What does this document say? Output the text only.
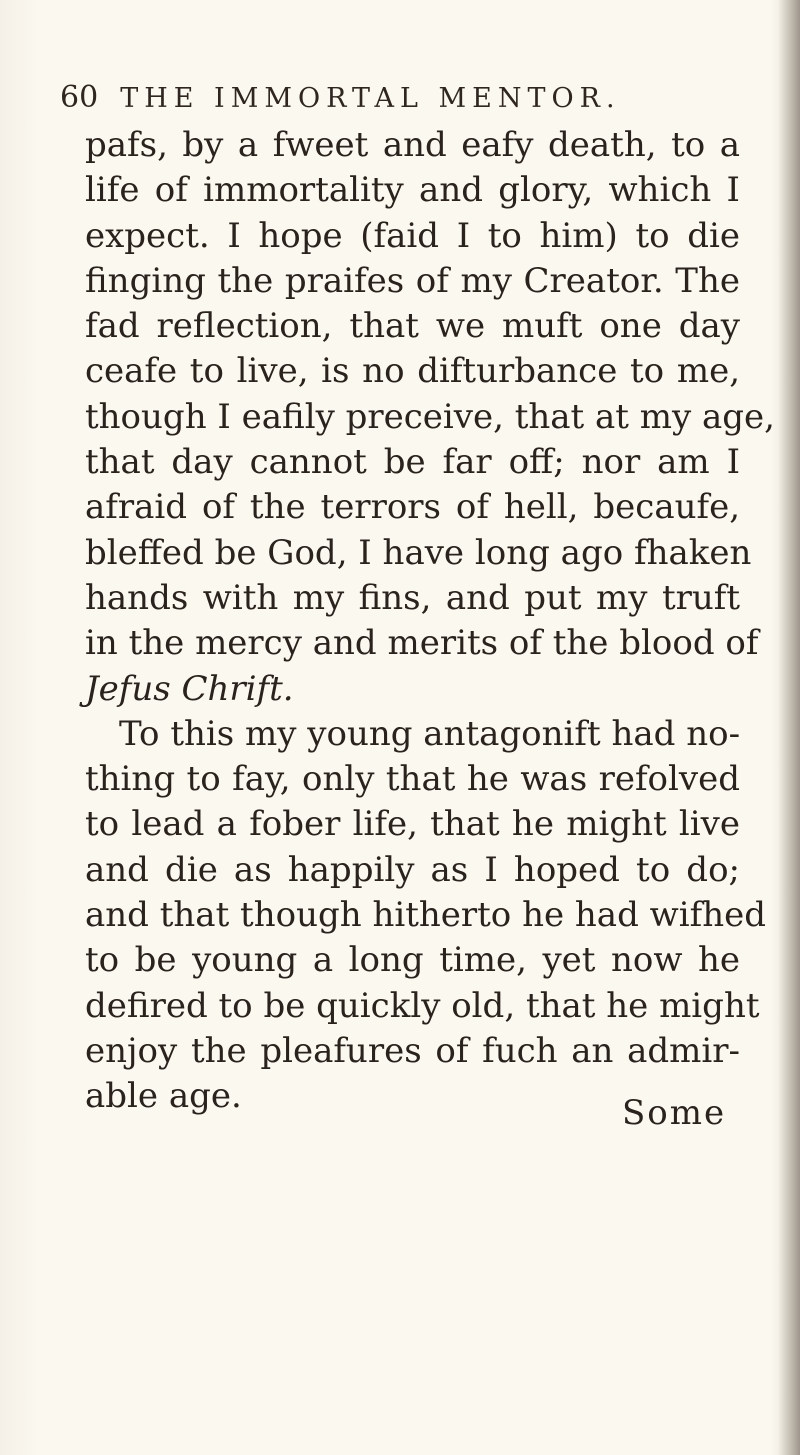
60 THE IMMORTAL MENTOR.
pafs, by a fweet and eafy death, to a
life of immortality and glory, which I
expect. I hope (faid I to him) to die
finging the praifes of my Creator. The
fad reflection, that we muft one day
ceafe to live, is no difturbance to me,
though I eafily preceive, that at my age,
that day cannot be far off; nor am I
afraid of the terrors of hell, becaufe,
bleffed be God, I have long ago fhaken
hands with my fins, and put my truft
in the mercy and merits of the blood of
Jefus Chrift.
To this my young antagonift had no-
thing to fay, only that he was refolved
to lead a fober life, that he might live
and die as happily as I hoped to do;
and that though hitherto he had wifhed
to be young a long time, yet now he
defired to be quickly old, that he might
enjoy the pleafures of fuch an admir-
able age.	Some
